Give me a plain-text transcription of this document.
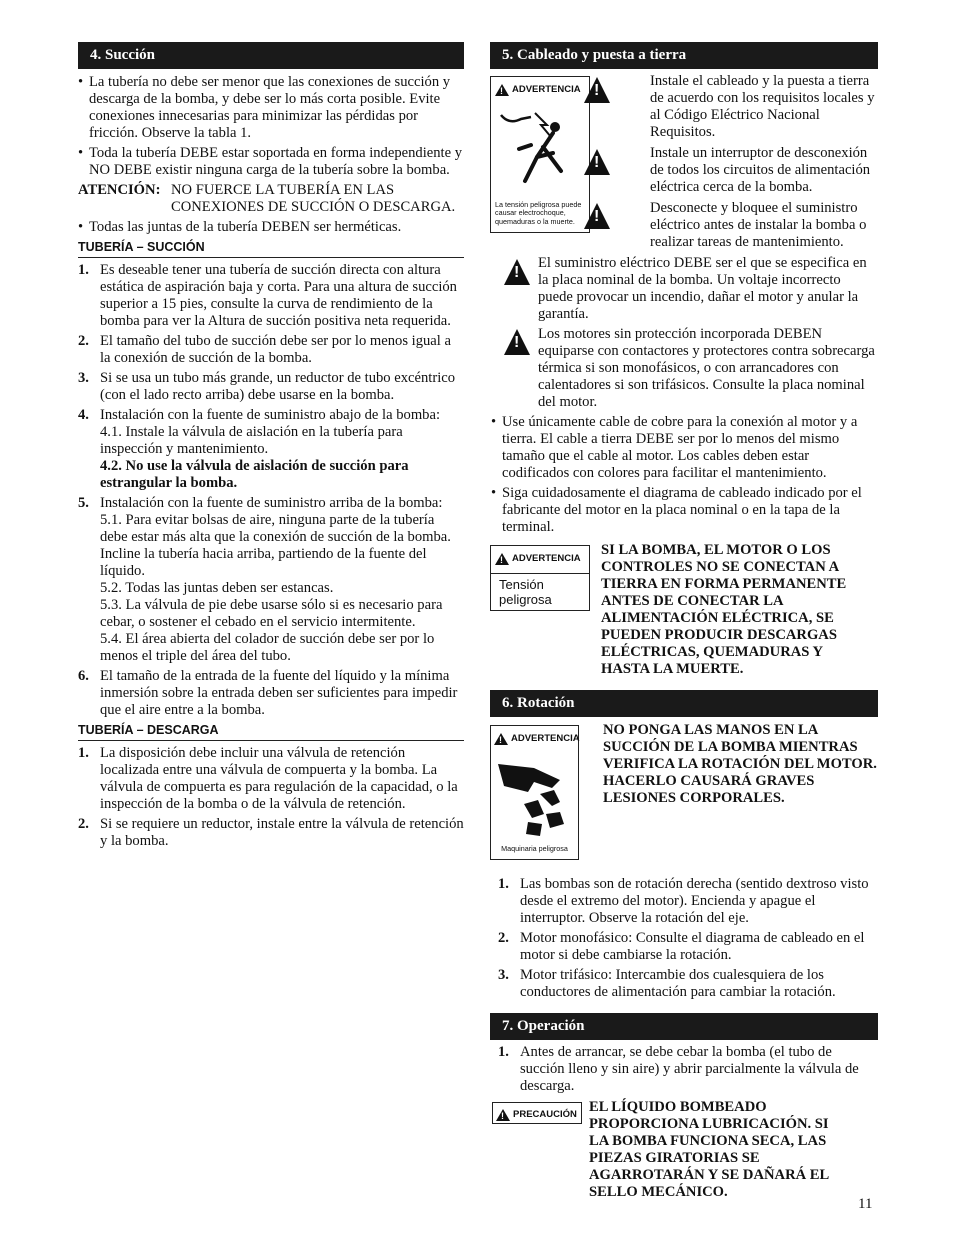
4. Succión

• La tubería no debe ser menor que las conexiones de succión y descarga de la bomba, y debe ser lo más corta posible. Evite conexiones innecesarias para minimizar las pérdidas por fricción. Observe la tabla 1.

• Toda la tubería DEBE estar soportada en forma independiente y NO DEBE existir ninguna carga de la tubería sobre la bomba.

ATENCIÓN: NO FUERCE LA TUBERÍA EN LAS CONEXIONES DE SUCCIÓN O DESCARGA.

• Todas las juntas de la tubería DEBEN ser herméticas.

TUBERÍA – SUCCIÓN

1. Es deseable tener una tubería de succión directa con altura estática de aspiración baja y corta. Para una altura de succión superior a 15 pies, consulte la curva de rendimiento de la bomba para ver la Altura de succión positiva neta requerida.

2. El tamaño del tubo de succión debe ser por lo menos igual a la conexión de succión de la bomba.

3. Si se usa un tubo más grande, un reductor de tubo excéntrico (con el lado recto arriba) debe usarse en la bomba.

4. Instalación con la fuente de suministro abajo de la bomba:

4.1. Instale la válvula de aislación en la tubería para inspección y mantenimiento.

4.2. No use la válvula de aislación de succión para estrangular la bomba.

5. Instalación con la fuente de suministro arriba de la bomba:

5.1. Para evitar bolsas de aire, ninguna parte de la tubería debe estar más alta que la conexión de succión de la bomba. Incline la tubería hacia arriba, partiendo de la fuente del líquido.

5.2. Todas las juntas deben ser estancas.

5.3. La válvula de pie debe usarse sólo si es necesario para cebar, o sostener el cebado en el servicio intermitente.

5.4. El área abierta del colador de succión debe ser por lo menos el triple del área del tubo.

6. El tamaño de la entrada de la fuente del líquido y la mínima inmersión sobre la entrada deben ser suficientes para impedir que el aire entre a la bomba.

TUBERÍA – DESCARGA

1. La disposición debe incluir una válvula de retención localizada entre una válvula de compuerta y la bomba. La válvula de compuerta es para regulación de la capacidad, o la inspección de la bomba o de la válvula de retención.

2. Si se requiere un reductor, instale entre la válvula de retención y la bomba.

5. Cableado y puesta a tierra
!
ADVERTENCIA
La tensión peligrosa puede causar electrochoque, quemaduras o la muerte.
!

Instale el cableado y la puesta a tierra de acuerdo con los requisitos locales y al Código Eléctrico Nacional Requisitos.

!

Instale un interruptor de desconexión de todos los circuitos de alimentación eléctrica cerca de la bomba.

!

Desconecte y bloquee el suministro eléctrico antes de instalar la bomba o realizar tareas de mantenimiento.

!

El suministro eléctrico DEBE ser el que se especifica en la placa nominal de la bomba. Un voltaje incorrecto puede provocar un incendio, dañar el motor y anular la garantía.

!

Los motores sin protección incorporada DEBEN equiparse con contactores y protectores contra sobrecarga térmica si son monofásicos, o con arrancadores con calentadores si son trifásicos. Consulte la placa nominal del motor.

• Use únicamente cable de cobre para la conexión al motor y a tierra. El cable a tierra DEBE ser por lo menos del mismo tamaño que el cable al motor. Los cables deben estar codificados con colores para facilitar el mantenimiento.

• Siga cuidadosamente el diagrama de cableado indicado por el fabricante del motor en la placa nominal o en la tapa de la terminal.

!
ADVERTENCIA
Tensión peligrosa
SI LA BOMBA, EL MOTOR O LOS CONTROLES NO SE CONECTAN A TIERRA EN FORMA PERMANENTE ANTES DE CONECTAR LA ALIMENTACIÓN ELÉCTRICA, SE PUEDEN PRODUCIR DESCARGAS ELÉCTRICAS, QUEMADURAS Y HASTA LA MUERTE.
6. Rotación
!
ADVERTENCIA
Maquinaria peligrosa
NO PONGA LAS MANOS EN LA SUCCIÓN DE LA BOMBA MIENTRAS VERIFICA LA ROTACIÓN DEL MOTOR. HACERLO CAUSARÁ GRAVES LESIONES CORPORALES.

1. Las bombas son de rotación derecha (sentido dextroso visto desde el extremo del motor). Encienda y apague el interruptor. Observe la rotación del eje.

2. Motor monofásico: Consulte el diagrama de cableado en el motor si debe cambiarse la rotación.

3. Motor trifásico: Intercambie dos cualesquiera de los conductores de alimentación para cambiar la rotación.

7. Operación

1. Antes de arrancar, se debe cebar la bomba (el tubo de succión lleno y sin aire) y abrir parcialmente la válvula de descarga.

!
PRECAUCIÓN EL LÍQUIDO BOMBEADO PROPORCIONA LUBRICACIÓN. SI LA BOMBA FUNCIONA SECA, LAS PIEZAS GIRATORIAS SE AGARROTARÁN Y SE DAÑARÁ EL SELLO MECÁNICO.
11
